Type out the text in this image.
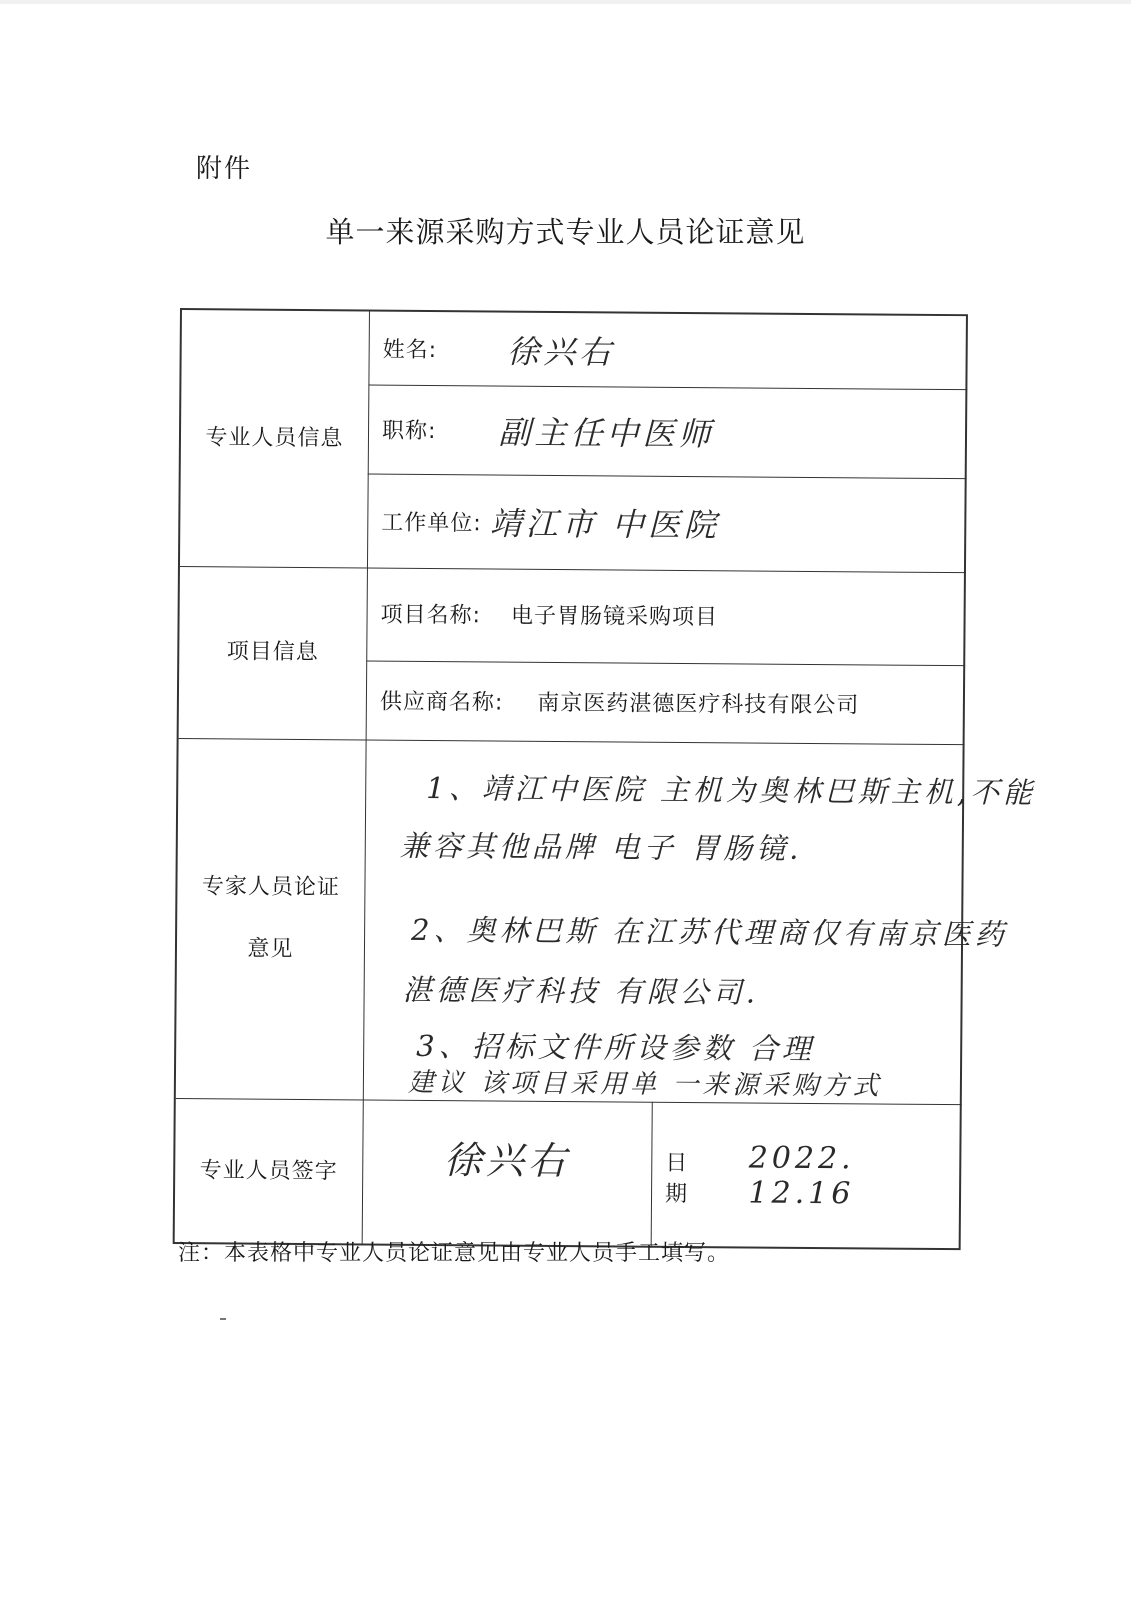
附件
单一来源采购方式专业人员论证意见
专业人员信息
项目信息
专家人员论证
意见
专业人员签字
姓名: 徐兴右
职称: 副主任中医师
工作单位: 靖江市 中医院
项目名称: 电子胃肠镜采购项目
供应商名称: 南京医药湛德医疗科技有限公司
1、靖江中医院 主机为奥林巴斯主机,不能
兼容其他品牌 电子 胃肠镜.
2、奥林巴斯 在江苏代理商仅有南京医药
湛德医疗科技 有限公司.
3、招标文件所设参数 合理
建议 该项目采用单 一来源采购方式
徐兴右	日期
2022. 12.16
注：本表格中专业人员论证意见由专业人员手工填写。
